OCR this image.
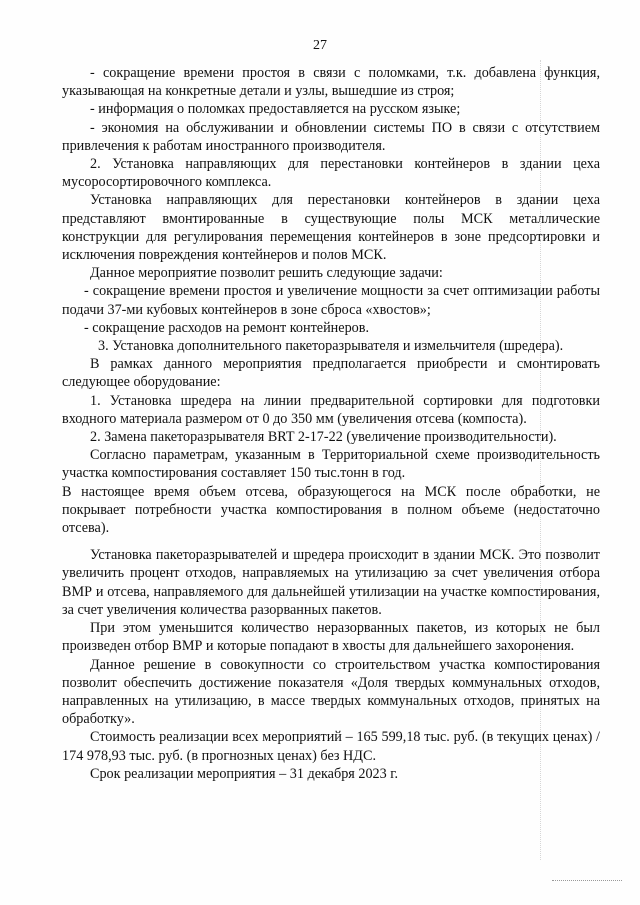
27

- сокращение времени простоя в связи с поломками, т.к. добавлена функция, указывающая на конкретные детали и узлы, вышедшие из строя;

- информация о поломках предоставляется на русском языке;

- экономия на обслуживании и обновлении системы ПО в связи с отсутствием привлечения к работам иностранного производителя.

2. Установка направляющих для перестановки контейнеров в здании цеха мусоросортировочного комплекса.

Установка направляющих для перестановки контейнеров в здании цеха представляют вмонтированные в существующие полы МСК металлические конструкции для регулирования перемещения контейнеров в зоне предсортировки и исключения повреждения контейнеров и полов МСК.

Данное мероприятие позволит решить следующие задачи:

- сокращение времени простоя и увеличение мощности за счет оптимизации работы подачи 37-ми кубовых контейнеров в зоне сброса «хвостов»;

- сокращение расходов на ремонт контейнеров.

3. Установка дополнительного пакеторазрывателя и измельчителя (шредера).

В рамках данного мероприятия предполагается приобрести и смонтировать следующее оборудование:

1. Установка шредера на линии предварительной сортировки для подготовки входного материала размером от 0 до 350 мм (увеличения отсева (компоста).

2. Замена пакеторазрывателя BRT 2-17-22 (увеличение производительности).

Согласно параметрам, указанным в Территориальной схеме производительность участка компостирования составляет 150 тыс.тонн в год.

В настоящее время объем отсева, образующегося на МСК после обработки, не покрывает потребности участка компостирования в полном объеме (недостаточно отсева).

Установка пакеторазрывателей и шредера происходит в здании МСК. Это позволит увеличить процент отходов, направляемых на утилизацию за счет увеличения отбора ВМР и отсева, направляемого для дальнейшей утилизации на участке компостирования, за счет увеличения количества разорванных пакетов.

При этом уменьшится количество неразорванных пакетов, из которых не был произведен отбор ВМР и которые попадают в хвосты для дальнейшего захоронения.

Данное решение в совокупности со строительством участка компостирования позволит обеспечить достижение показателя «Доля твердых коммунальных отходов, направленных на утилизацию, в массе твердых коммунальных отходов, принятых на обработку».

Стоимость реализации всех мероприятий – 165 599,18 тыс. руб. (в текущих ценах) / 174 978,93 тыс. руб. (в прогнозных ценах) без НДС.

Срок реализации мероприятия – 31 декабря 2023 г.
